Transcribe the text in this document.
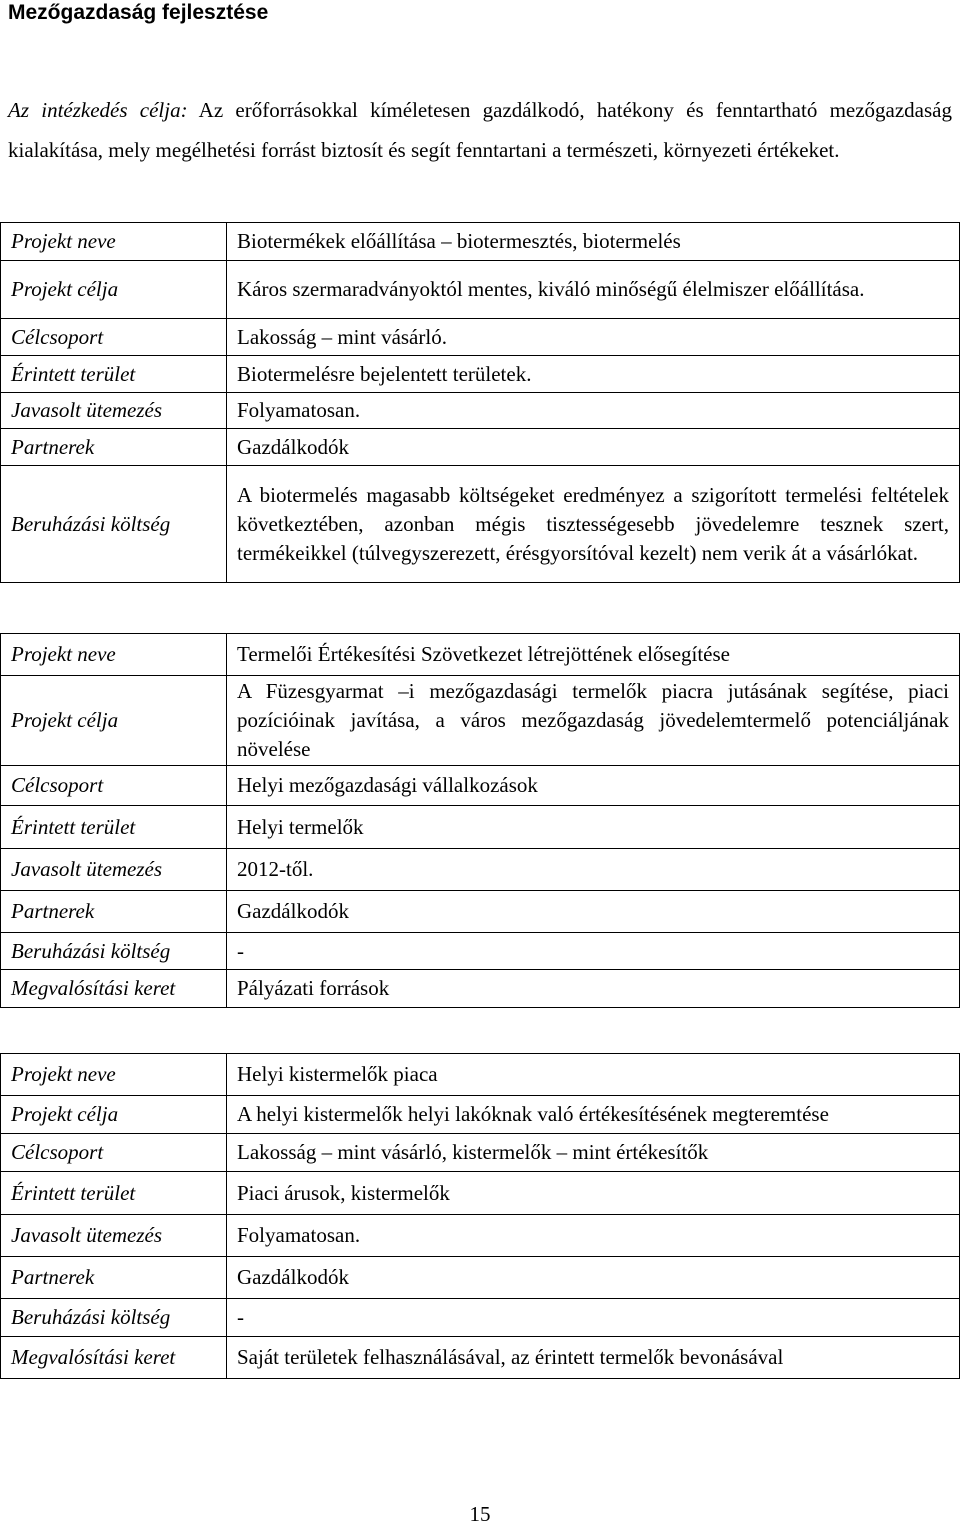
Mezőgazdaság fejlesztése
Az intézkedés célja: Az erőforrásokkal kíméletesen gazdálkodó, hatékony és fenntartható mezőgazdaság kialakítása, mely megélhetési forrást biztosít és segít fenntartani a természeti, környezeti értékeket.
Projekt neve	Biotermékek előállítása – biotermesztés, biotermelés
Projekt célja	Káros szermaradványoktól mentes, kiváló minőségű élelmiszer előállítása.
Célcsoport	Lakosság – mint vásárló.
Érintett terület	Biotermelésre bejelentett területek.
Javasolt ütemezés	Folyamatosan.
Partnerek	Gazdálkodók
Beruházási költség	A biotermelés magasabb költségeket eredményez a szigorított termelési feltételek következtében, azonban mégis tisztességesebb jövedelemre tesznek szert, termékeikkel (túlvegyszerezett, érésgyorsítóval kezelt) nem verik át a vásárlókat.
Projekt neve	Termelői Értékesítési Szövetkezet létrejöttének elősegítése
Projekt célja	A Füzesgyarmat –i mezőgazdasági termelők piacra jutásának segítése, piaci pozícióinak javítása, a város mezőgazdaság jövedelemtermelő potenciáljának növelése
Célcsoport	Helyi mezőgazdasági vállalkozások
Érintett terület	Helyi termelők
Javasolt ütemezés	2012-től.
Partnerek	Gazdálkodók
Beruházási költség	-
Megvalósítási keret	Pályázati források
Projekt neve	Helyi kistermelők piaca
Projekt célja	A helyi kistermelők helyi lakóknak való értékesítésének megteremtése
Célcsoport	Lakosság – mint vásárló, kistermelők – mint értékesítők
Érintett terület	Piaci árusok, kistermelők
Javasolt ütemezés	Folyamatosan.
Partnerek	Gazdálkodók
Beruházási költség	-
Megvalósítási keret	Saját területek felhasználásával, az érintett termelők bevonásával
15
